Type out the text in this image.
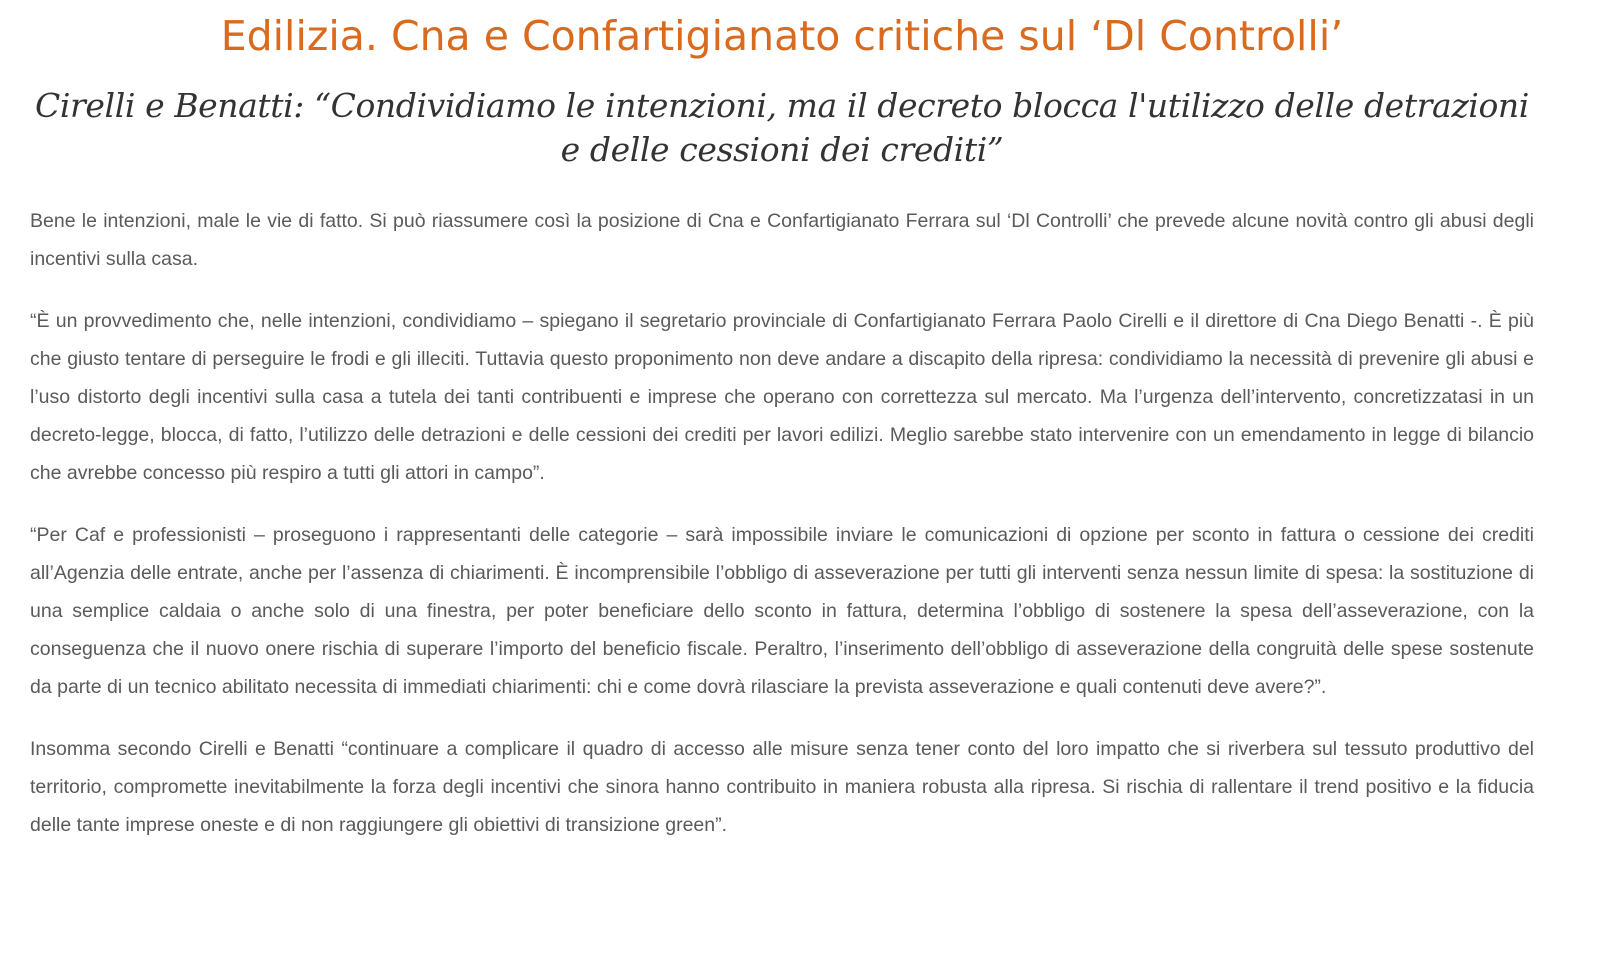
Edilizia. Cna e Confartigianato critiche sul ‘Dl Controlli’
Cirelli e Benatti: “Condividiamo le intenzioni, ma il decreto blocca l'utilizzo delle detrazioni e delle cessioni dei crediti”

Bene le intenzioni, male le vie di fatto. Si può riassumere così la posizione di Cna e Confartigianato Ferrara sul ‘Dl Controlli’ che prevede alcune novità contro gli abusi degli incentivi sulla casa.

“È un provvedimento che, nelle intenzioni, condividiamo – spiegano il segretario provinciale di Confartigianato Ferrara Paolo Cirelli e il direttore di Cna Diego Benatti -. È più che giusto tentare di perseguire le frodi e gli illeciti. Tuttavia questo proponimento non deve andare a discapito della ripresa: condividiamo la necessità di prevenire gli abusi e l’uso distorto degli incentivi sulla casa a tutela dei tanti contribuenti e imprese che operano con correttezza sul mercato. Ma l’urgenza dell’intervento, concretizzatasi in un decreto-legge, blocca, di fatto, l’utilizzo delle detrazioni e delle cessioni dei crediti per lavori edilizi. Meglio sarebbe stato intervenire con un emendamento in legge di bilancio che avrebbe concesso più respiro a tutti gli attori in campo”.

“Per Caf e professionisti – proseguono i rappresentanti delle categorie – sarà impossibile inviare le comunicazioni di opzione per sconto in fattura o cessione dei crediti all’Agenzia delle entrate, anche per l’assenza di chiarimenti. È incomprensibile l’obbligo di asseverazione per tutti gli interventi senza nessun limite di spesa: la sostituzione di una semplice caldaia o anche solo di una finestra, per poter beneficiare dello sconto in fattura, determina l’obbligo di sostenere la spesa dell’asseverazione, con la conseguenza che il nuovo onere rischia di superare l’importo del beneficio fiscale. Peraltro, l’inserimento dell’obbligo di asseverazione della congruità delle spese sostenute da parte di un tecnico abilitato necessita di immediati chiarimenti: chi e come dovrà rilasciare la prevista asseverazione e quali contenuti deve avere?”.

Insomma secondo Cirelli e Benatti “continuare a complicare il quadro di accesso alle misure senza tener conto del loro impatto che si riverbera sul tessuto produttivo del territorio, compromette inevitabilmente la forza degli incentivi che sinora hanno contribuito in maniera robusta alla ripresa. Si rischia di rallentare il trend positivo e la fiducia delle tante imprese oneste e di non raggiungere gli obiettivi di transizione green”.
